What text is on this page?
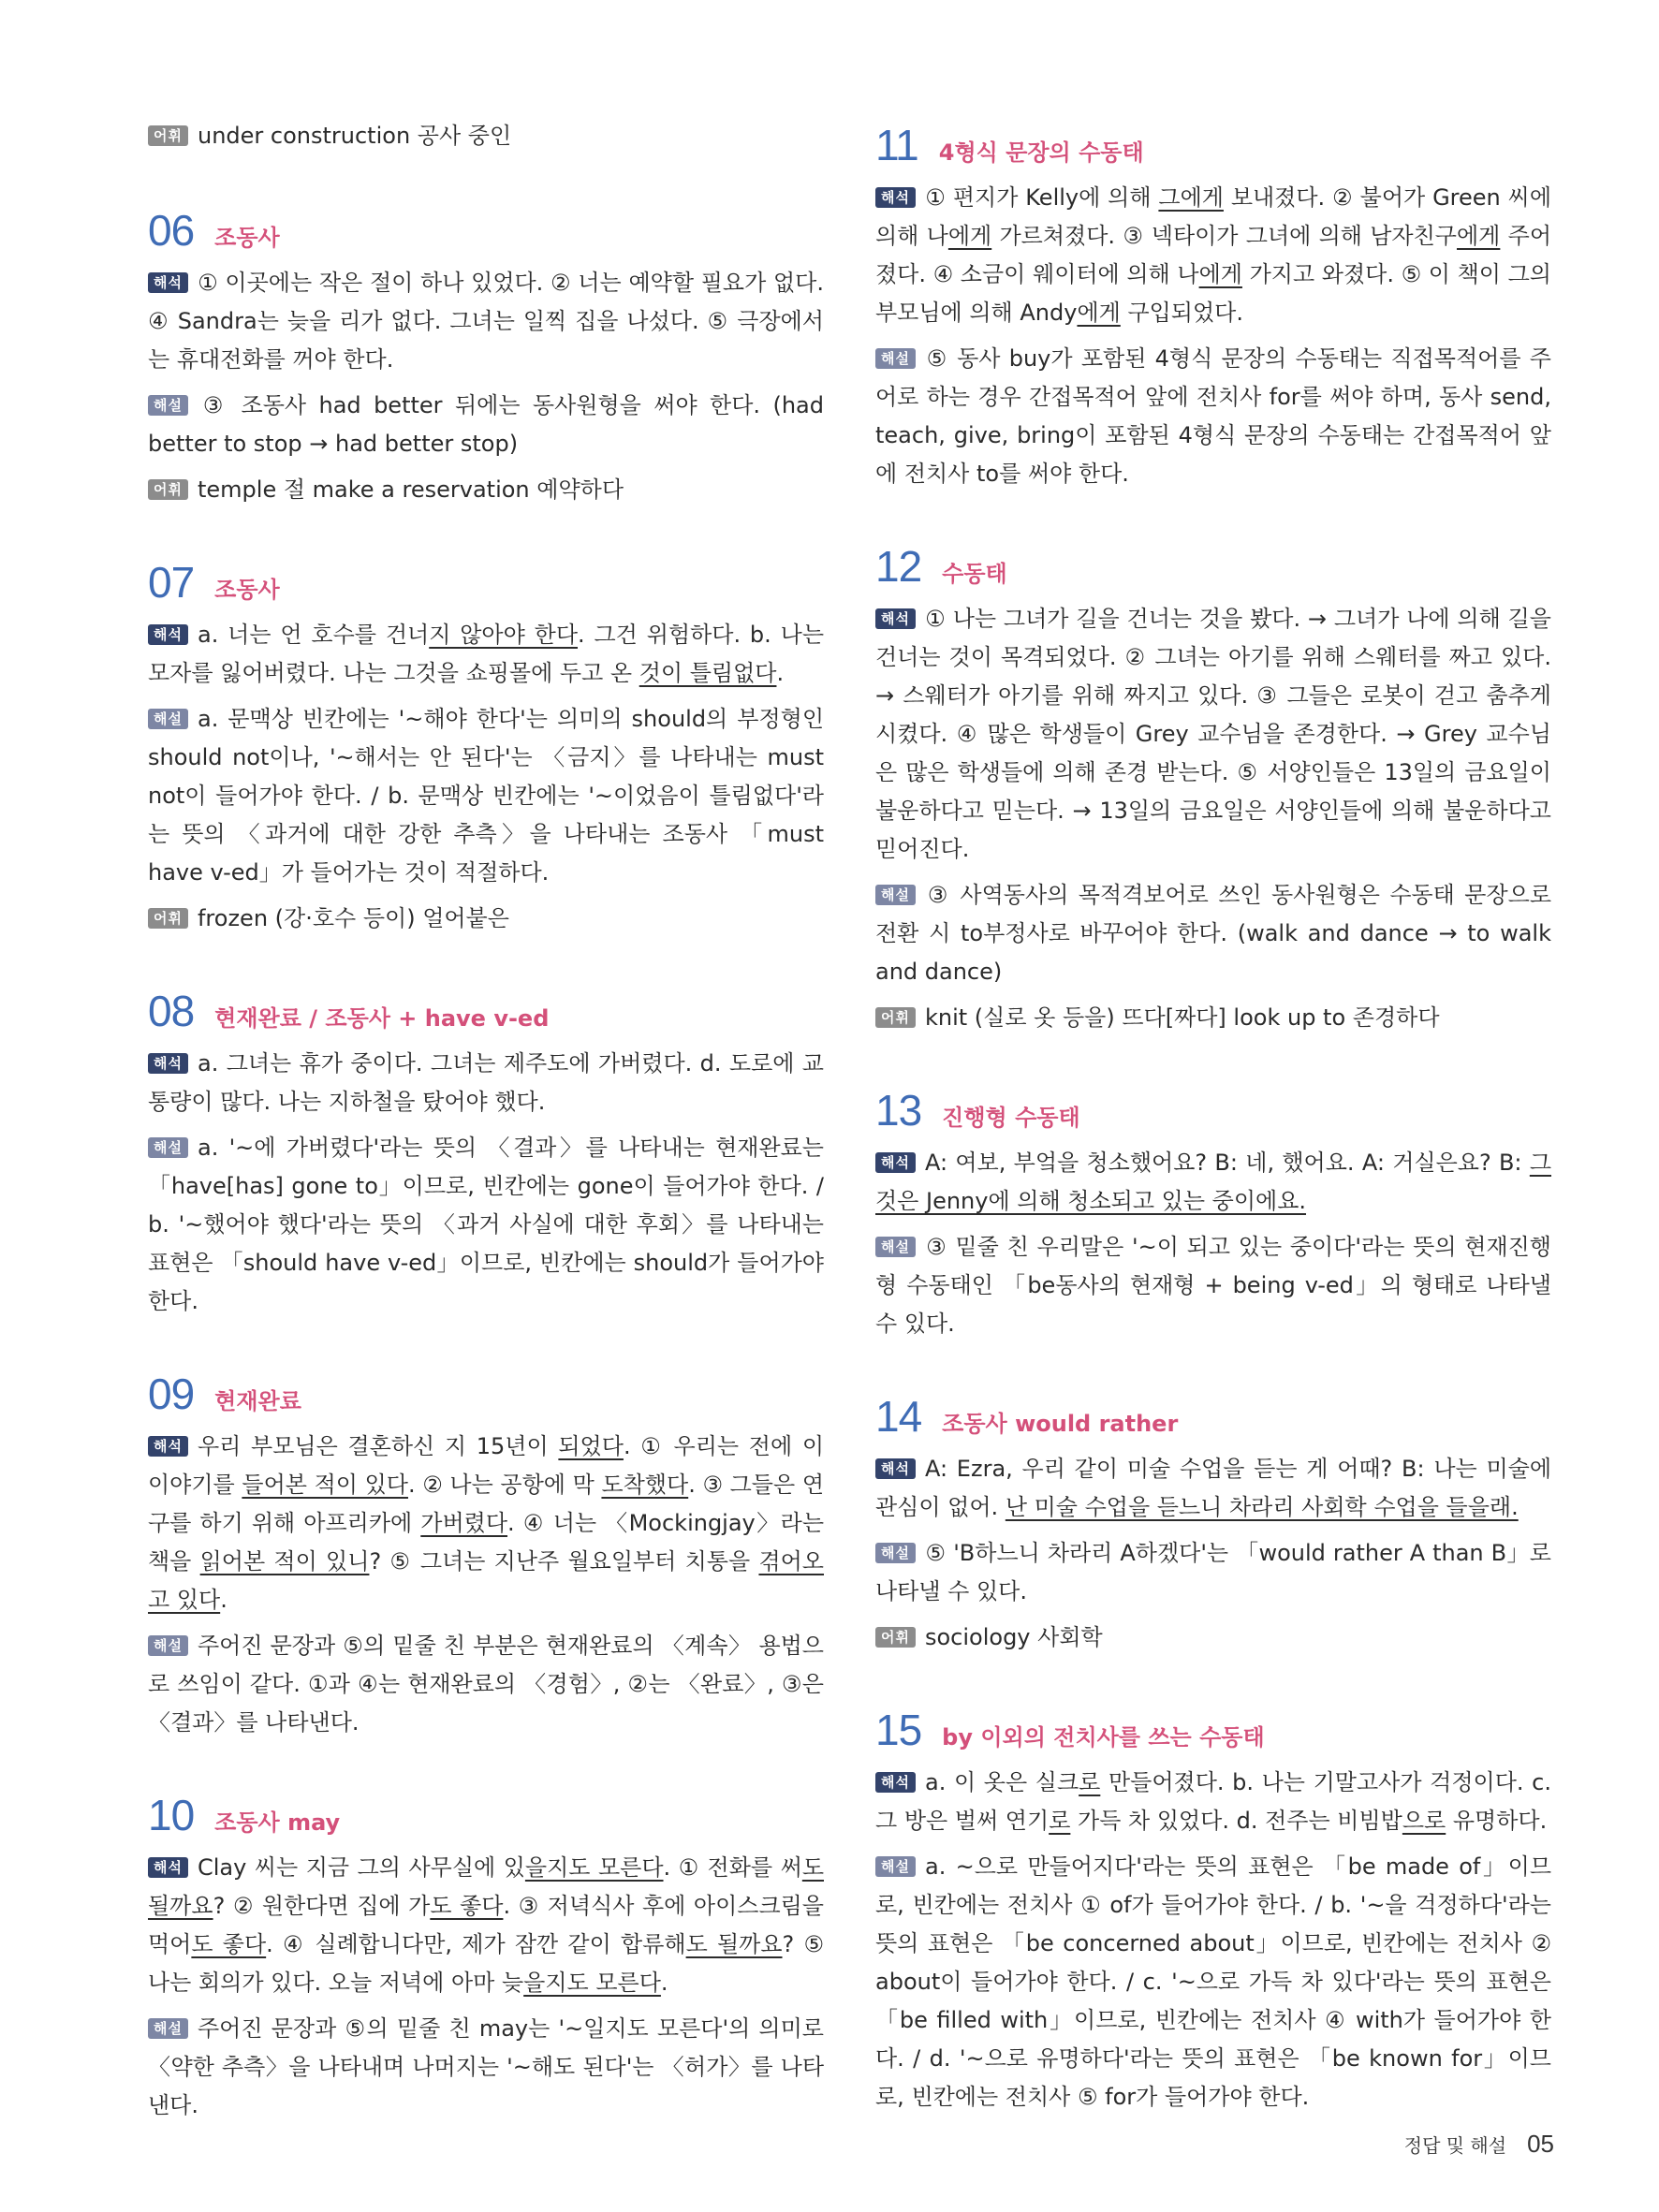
어휘 under construction 공사 중인

06 조동사

해석 ① 이곳에는 작은 절이 하나 있었다. ② 너는 예약할 필요가 없다. ④ Sandra는 늦을 리가 없다. 그녀는 일찍 집을 나섰다. ⑤ 극장에서는 휴대전화를 꺼야 한다.

해설 ③ 조동사 had better 뒤에는 동사원형을 써야 한다. (had better to stop → had better stop)

어휘 temple 절 make a reservation 예약하다

07 조동사

해석 a. 너는 언 호수를 건너지 않아야 한다. 그건 위험하다. b. 나는 모자를 잃어버렸다. 나는 그것을 쇼핑몰에 두고 온 것이 틀림없다.

해설 a. 문맥상 빈칸에는 '~해야 한다'는 의미의 should의 부정형인 should not이나, '~해서는 안 된다'는 〈금지〉를 나타내는 must not이 들어가야 한다. / b. 문맥상 빈칸에는 '~이었음이 틀림없다'라는 뜻의 〈과거에 대한 강한 추측〉을 나타내는 조동사 「must have v-ed」가 들어가는 것이 적절하다.

어휘 frozen (강·호수 등이) 얼어붙은

08 현재완료 / 조동사 + have v-ed

해석 a. 그녀는 휴가 중이다. 그녀는 제주도에 가버렸다. d. 도로에 교통량이 많다. 나는 지하철을 탔어야 했다.

해설 a. '~에 가버렸다'라는 뜻의 〈결과〉를 나타내는 현재완료는 「have[has] gone to」이므로, 빈칸에는 gone이 들어가야 한다. / b. '~했어야 했다'라는 뜻의 〈과거 사실에 대한 후회〉를 나타내는 표현은 「should have v-ed」이므로, 빈칸에는 should가 들어가야 한다.

09 현재완료

해석 우리 부모님은 결혼하신 지 15년이 되었다. ① 우리는 전에 이 이야기를 들어본 적이 있다. ② 나는 공항에 막 도착했다. ③ 그들은 연구를 하기 위해 아프리카에 가버렸다. ④ 너는 〈Mockingjay〉라는 책을 읽어본 적이 있니? ⑤ 그녀는 지난주 월요일부터 치통을 겪어오고 있다.

해설 주어진 문장과 ⑤의 밑줄 친 부분은 현재완료의 〈계속〉 용법으로 쓰임이 같다. ①과 ④는 현재완료의 〈경험〉, ②는 〈완료〉, ③은 〈결과〉를 나타낸다.

10 조동사 may

해석 Clay 씨는 지금 그의 사무실에 있을지도 모른다. ① 전화를 써도 될까요? ② 원한다면 집에 가도 좋다. ③ 저녁식사 후에 아이스크림을 먹어도 좋다. ④ 실례합니다만, 제가 잠깐 같이 합류해도 될까요? ⑤ 나는 회의가 있다. 오늘 저녁에 아마 늦을지도 모른다.

해설 주어진 문장과 ⑤의 밑줄 친 may는 '~일지도 모른다'의 의미로 〈약한 추측〉을 나타내며 나머지는 '~해도 된다'는 〈허가〉를 나타낸다.

11 4형식 문장의 수동태

해석 ① 편지가 Kelly에 의해 그에게 보내졌다. ② 불어가 Green 씨에 의해 나에게 가르쳐졌다. ③ 넥타이가 그녀에 의해 남자친구에게 주어졌다. ④ 소금이 웨이터에 의해 나에게 가지고 와졌다. ⑤ 이 책이 그의 부모님에 의해 Andy에게 구입되었다.

해설 ⑤ 동사 buy가 포함된 4형식 문장의 수동태는 직접목적어를 주어로 하는 경우 간접목적어 앞에 전치사 for를 써야 하며, 동사 send, teach, give, bring이 포함된 4형식 문장의 수동태는 간접목적어 앞에 전치사 to를 써야 한다.

12 수동태

해석 ① 나는 그녀가 길을 건너는 것을 봤다. → 그녀가 나에 의해 길을 건너는 것이 목격되었다. ② 그녀는 아기를 위해 스웨터를 짜고 있다. → 스웨터가 아기를 위해 짜지고 있다. ③ 그들은 로봇이 걷고 춤추게 시켰다. ④ 많은 학생들이 Grey 교수님을 존경한다. → Grey 교수님은 많은 학생들에 의해 존경 받는다. ⑤ 서양인들은 13일의 금요일이 불운하다고 믿는다. → 13일의 금요일은 서양인들에 의해 불운하다고 믿어진다.

해설 ③ 사역동사의 목적격보어로 쓰인 동사원형은 수동태 문장으로 전환 시 to부정사로 바꾸어야 한다. (walk and dance → to walk and dance)

어휘 knit (실로 옷 등을) 뜨다[짜다] look up to 존경하다

13 진행형 수동태

해석 A: 여보, 부엌을 청소했어요? B: 네, 했어요. A: 거실은요? B: 그것은 Jenny에 의해 청소되고 있는 중이에요.

해설 ③ 밑줄 친 우리말은 '~이 되고 있는 중이다'라는 뜻의 현재진행형 수동태인 「be동사의 현재형 + being v-ed」의 형태로 나타낼 수 있다.

14 조동사 would rather

해석 A: Ezra, 우리 같이 미술 수업을 듣는 게 어때? B: 나는 미술에 관심이 없어. 난 미술 수업을 듣느니 차라리 사회학 수업을 들을래.

해설 ⑤ 'B하느니 차라리 A하겠다'는 「would rather A than B」로 나타낼 수 있다.

어휘 sociology 사회학

15 by 이외의 전치사를 쓰는 수동태

해석 a. 이 옷은 실크로 만들어졌다. b. 나는 기말고사가 걱정이다. c. 그 방은 벌써 연기로 가득 차 있었다. d. 전주는 비빔밥으로 유명하다.

해설 a. ~으로 만들어지다'라는 뜻의 표현은 「be made of」이므로, 빈칸에는 전치사 ① of가 들어가야 한다. / b. '~을 걱정하다'라는 뜻의 표현은 「be concerned about」이므로, 빈칸에는 전치사 ② about이 들어가야 한다. / c. '~으로 가득 차 있다'라는 뜻의 표현은 「be filled with」이므로, 빈칸에는 전치사 ④ with가 들어가야 한다. / d. '~으로 유명하다'라는 뜻의 표현은 「be known for」이므로, 빈칸에는 전치사 ⑤ for가 들어가야 한다.

정답 및 해설 05
